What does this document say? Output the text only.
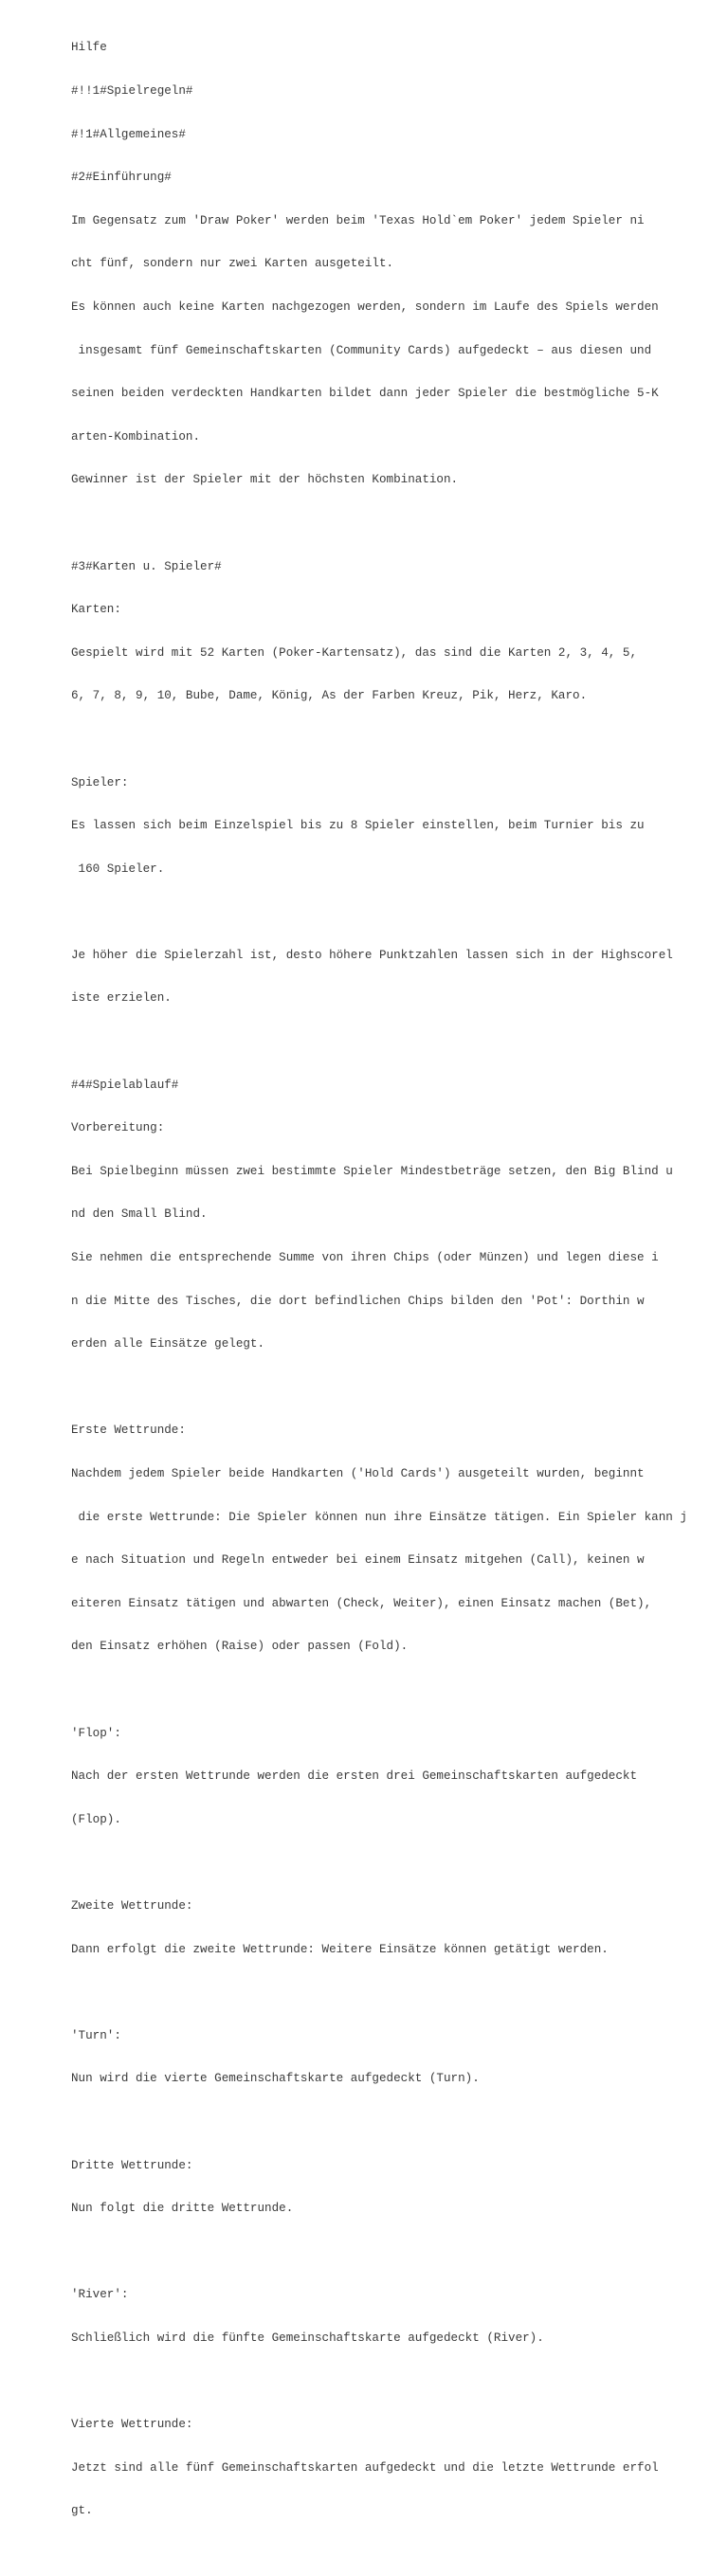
Hilfe

#!!1#Spielregeln#

#!1#Allgemeines#

#2#Einführung#

Im Gegensatz zum 'Draw Poker' werden beim 'Texas Hold`em Poker' jedem Spieler ni

cht fünf, sondern nur zwei Karten ausgeteilt.

Es können auch keine Karten nachgezogen werden, sondern im Laufe des Spiels werden

insgesamt fünf Gemeinschaftskarten (Community Cards) aufgedeckt – aus diesen und

seinen beiden verdeckten Handkarten bildet dann jeder Spieler die bestmögliche 5-K

arten-Kombination.

Gewinner ist der Spieler mit der höchsten Kombination.

#3#Karten u. Spieler#

Karten:

Gespielt wird mit 52 Karten (Poker-Kartensatz), das sind die Karten 2, 3, 4, 5,

6, 7, 8, 9, 10, Bube, Dame, König, As der Farben Kreuz, Pik, Herz, Karo.

Spieler:

Es lassen sich beim Einzelspiel bis zu 8 Spieler einstellen, beim Turnier bis zu

160 Spieler.

Je höher die Spielerzahl ist, desto höhere Punktzahlen lassen sich in der Highscorel

iste erzielen.

#4#Spielablauf#

Vorbereitung:

Bei Spielbeginn müssen zwei bestimmte Spieler Mindestbeträge setzen, den Big Blind u

nd den Small Blind.

Sie nehmen die entsprechende Summe von ihren Chips (oder Münzen) und legen diese i

n die Mitte des Tisches, die dort befindlichen Chips bilden den 'Pot': Dorthin w

erden alle Einsätze gelegt.

Erste Wettrunde:

Nachdem jedem Spieler beide Handkarten ('Hold Cards') ausgeteilt wurden, beginnt

die erste Wettrunde: Die Spieler können nun ihre Einsätze tätigen. Ein Spieler kann j

e nach Situation und Regeln entweder bei einem Einsatz mitgehen (Call), keinen w

eiteren Einsatz tätigen und abwarten (Check, Weiter), einen Einsatz machen (Bet),

den Einsatz erhöhen (Raise) oder passen (Fold).

'Flop':

Nach der ersten Wettrunde werden die ersten drei Gemeinschaftskarten aufgedeckt

(Flop).

Zweite Wettrunde:

Dann erfolgt die zweite Wettrunde: Weitere Einsätze können getätigt werden.

'Turn':

Nun wird die vierte Gemeinschaftskarte aufgedeckt (Turn).

Dritte Wettrunde:

Nun folgt die dritte Wettrunde.

'River':

Schließlich wird die fünfte Gemeinschaftskarte aufgedeckt (River).

Vierte Wettrunde:

Jetzt sind alle fünf Gemeinschaftskarten aufgedeckt und die letzte Wettrunde erfol

gt.
